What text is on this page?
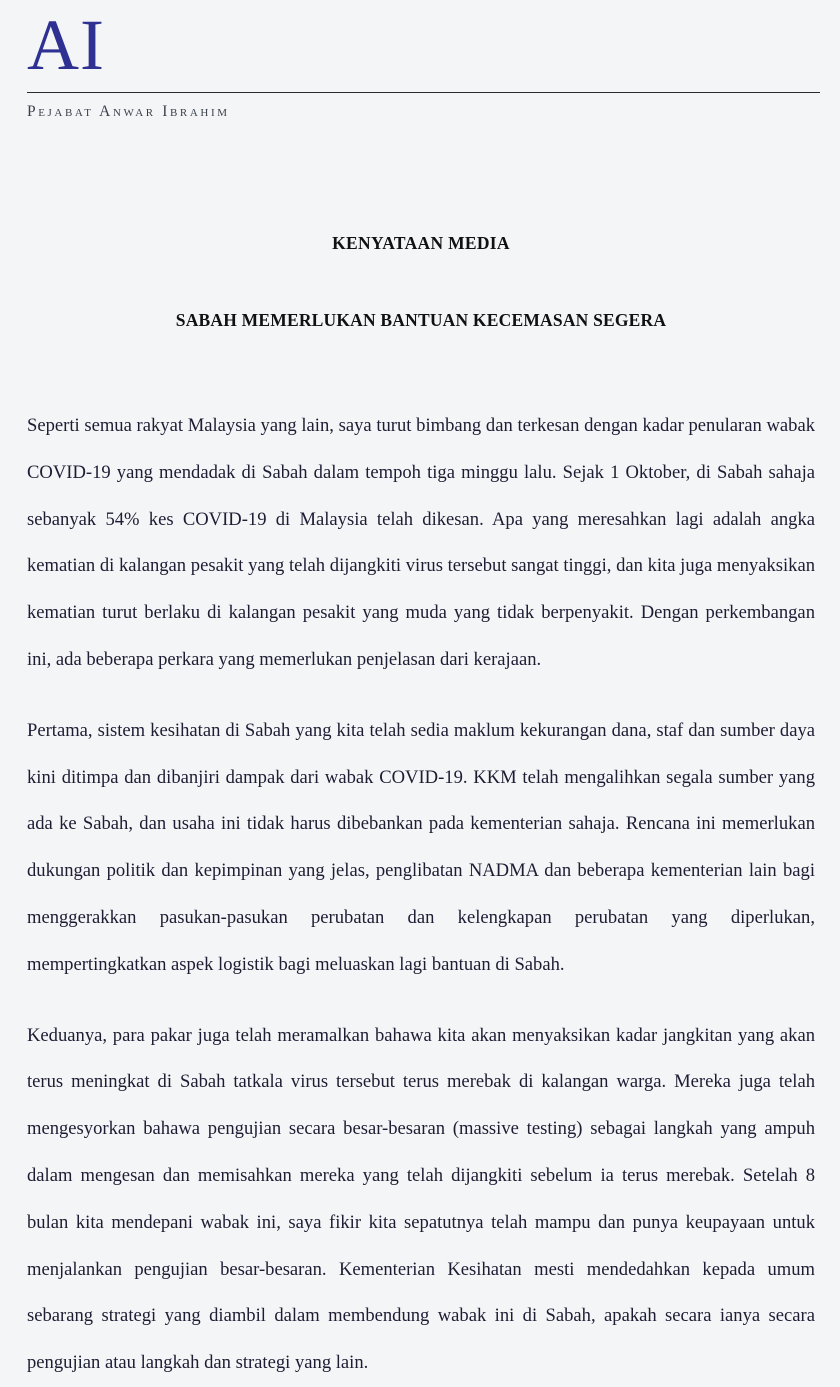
AI
Pejabat Anwar Ibrahim
KENYATAAN MEDIA
SABAH MEMERLUKAN BANTUAN KECEMASAN SEGERA

Seperti semua rakyat Malaysia yang lain, saya turut bimbang dan terkesan dengan kadar penularan wabak COVID-19 yang mendadak di Sabah dalam tempoh tiga minggu lalu. Sejak 1 Oktober, di Sabah sahaja sebanyak 54% kes COVID-19 di Malaysia telah dikesan. Apa yang meresahkan lagi adalah angka kematian di kalangan pesakit yang telah dijangkiti virus tersebut sangat tinggi, dan kita juga menyaksikan kematian turut berlaku di kalangan pesakit yang muda yang tidak berpenyakit. Dengan perkembangan ini, ada beberapa perkara yang memerlukan penjelasan dari kerajaan.

Pertama, sistem kesihatan di Sabah yang kita telah sedia maklum kekurangan dana, staf dan sumber daya kini ditimpa dan dibanjiri dampak dari wabak COVID-19. KKM telah mengalihkan segala sumber yang ada ke Sabah, dan usaha ini tidak harus dibebankan pada kementerian sahaja. Rencana ini memerlukan dukungan politik dan kepimpinan yang jelas, penglibatan NADMA dan beberapa kementerian lain bagi menggerakkan pasukan-pasukan perubatan dan kelengkapan perubatan yang diperlukan, mempertingkatkan aspek logistik bagi meluaskan lagi bantuan di Sabah.

Keduanya, para pakar juga telah meramalkan bahawa kita akan menyaksikan kadar jangkitan yang akan terus meningkat di Sabah tatkala virus tersebut terus merebak di kalangan warga. Mereka juga telah mengesyorkan bahawa pengujian secara besar-besaran (massive testing) sebagai langkah yang ampuh dalam mengesan dan memisahkan mereka yang telah dijangkiti sebelum ia terus merebak. Setelah 8 bulan kita mendepani wabak ini, saya fikir kita sepatutnya telah mampu dan punya keupayaan untuk menjalankan pengujian besar-besaran. Kementerian Kesihatan mesti mendedahkan kepada umum sebarang strategi yang diambil dalam membendung wabak ini di Sabah, apakah secara ianya secara pengujian atau langkah dan strategi yang lain.
